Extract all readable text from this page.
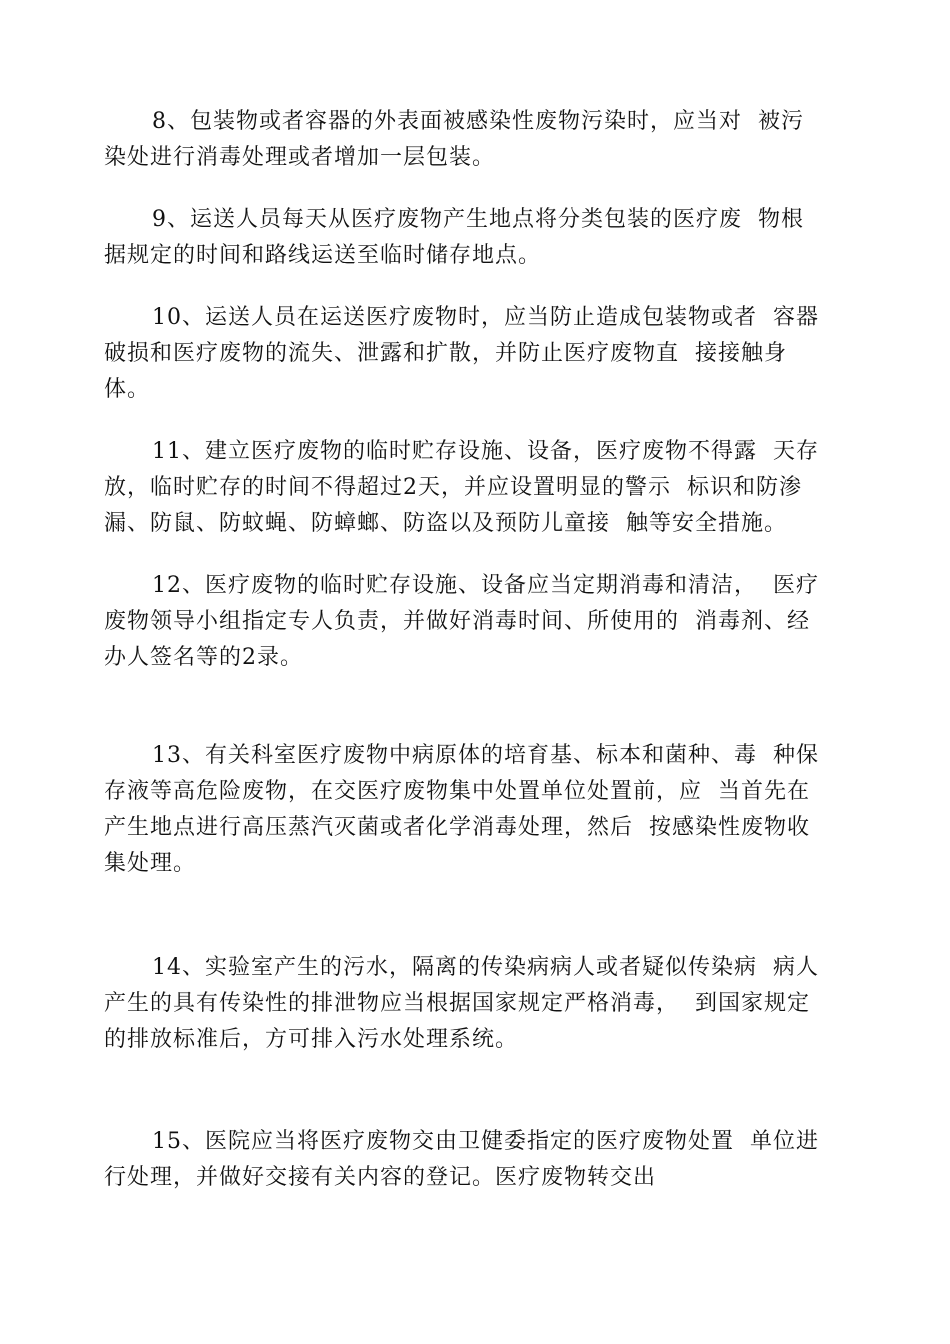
8、包装物或者容器的外表面被感染性废物污染时，应当对  被污染处进行消毒处理或者增加一层包装。

9、运送人员每天从医疗废物产生地点将分类包装的医疗废  物根据规定的时间和路线运送至临时储存地点。

10、运送人员在运送医疗废物时，应当防止造成包装物或者  容器破损和医疗废物的流失、泄露和扩散，并防止医疗废物直  接接触身体。

11、建立医疗废物的临时贮存设施、设备，医疗废物不得露  天存放，临时贮存的时间不得超过2天，并应设置明显的警示  标识和防渗漏、防鼠、防蚊蝇、防蟑螂、防盗以及预防儿童接  触等安全措施。

12、医疗废物的临时贮存设施、设备应当定期消毒和清洁，  医疗废物领导小组指定专人负责，并做好消毒时间、所使用的  消毒剂、经办人签名等的2录。

13、有关科室医疗废物中病原体的培育基、标本和菌种、毒  种保存液等高危险废物，在交医疗废物集中处置单位处置前，应  当首先在产生地点进行高压蒸汽灭菌或者化学消毒处理，然后  按感染性废物收集处理。

14、实验室产生的污水，隔离的传染病病人或者疑似传染病  病人产生的具有传染性的排泄物应当根据国家规定严格消毒，  到国家规定的排放标准后，方可排入污水处理系统。

15、医院应当将医疗废物交由卫健委指定的医疗废物处置  单位进行处理，并做好交接有关内容的登记。医疗废物转交出
